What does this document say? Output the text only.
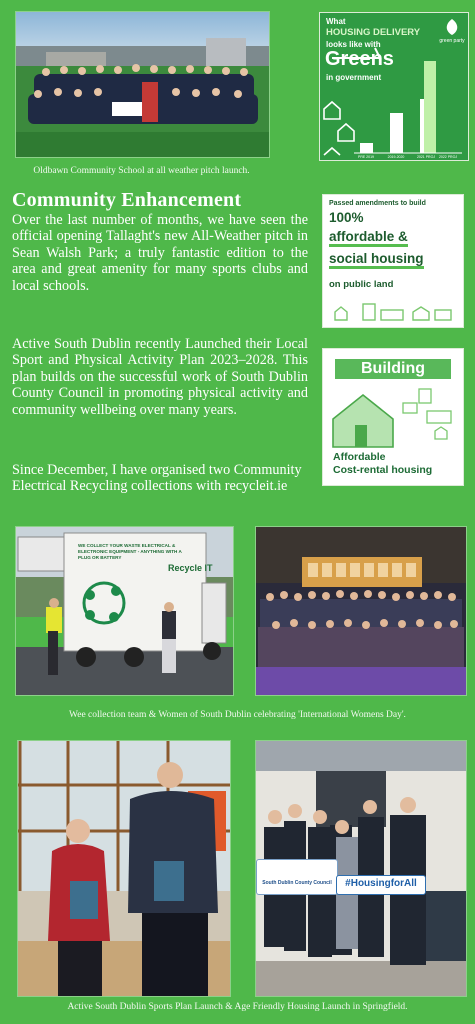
Oldbawn Community School at all weather pitch launch.
What
HOUSING DELIVERY
looks like with
Greens
in government
green party
PRE 2019	2019-2020	2021 PROJ 2022 PROJ
Community Enhancement
Over the last number of months, we have seen the official opening Tallaght's new All-Weather pitch in Sean Walsh Park; a truly fantastic edition to the area and great amenity for many sports clubs and local schools.
Active South Dublin recently Launched their Local Sport and Physical Activity Plan 2023–2028. This plan builds on the successful work of South Dublin County Council in promoting physical activity and community wellbeing over many years.
Since December, I have organised two Community Electrical Recycling collections with recycleit.ie
Passed amendments to build
100%
affordable &
social housing
on public land
Building
Affordable
Cost-rental housing
WE COLLECT YOUR WASTE ELECTRICAL & ELECTRONIC EQUIPMENT - ANYTHING WITH A PLUG OR BATTERY
Recycle IT
Wee collection team & Women of South Dublin celebrating 'International Womens Day'.
South Dublin County Council	#HousingforAll
Active South Dublin Sports Plan Launch & Age Friendly Housing Launch in Springfield.
